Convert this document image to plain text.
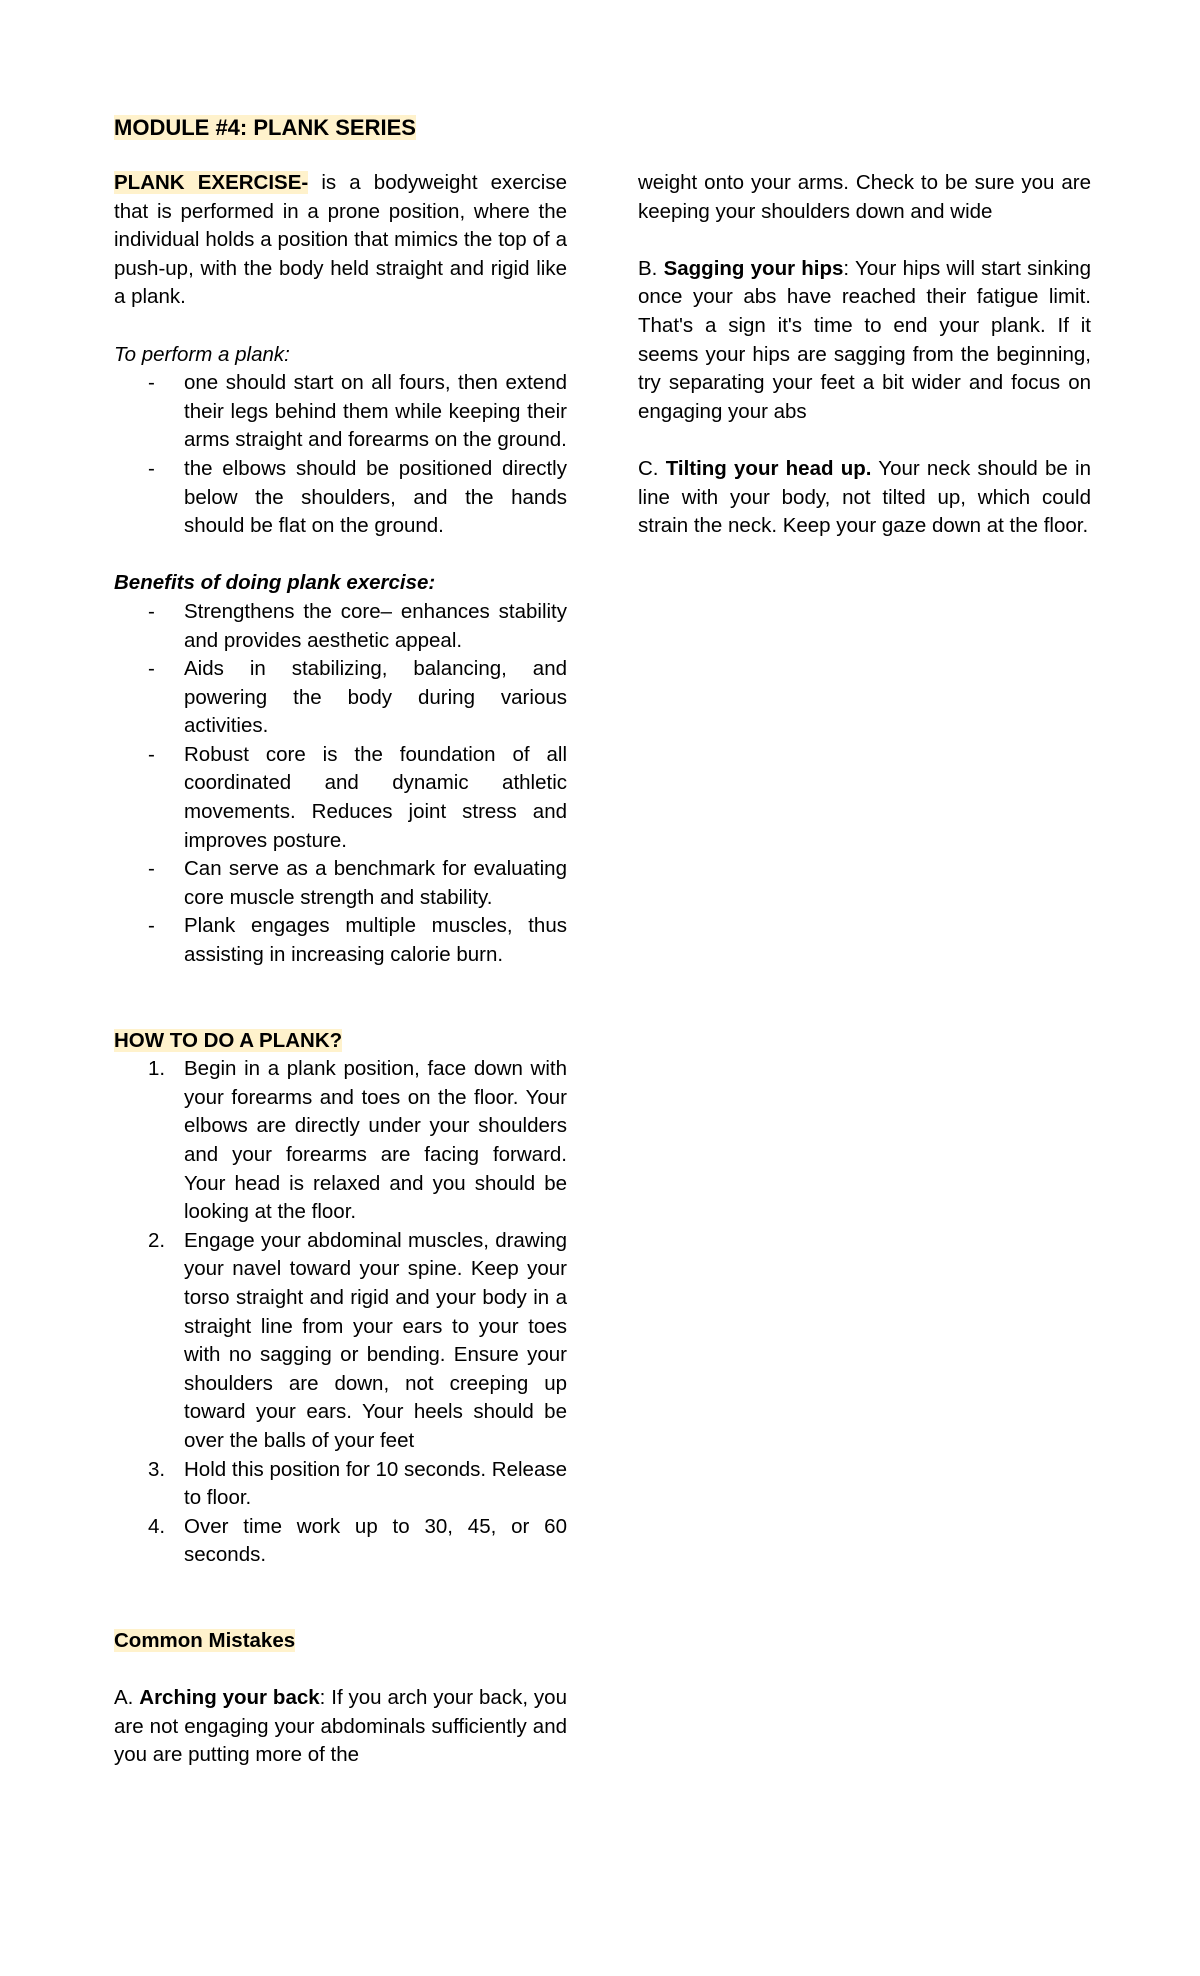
MODULE #4: PLANK SERIES

PLANK EXERCISE- is a bodyweight exercise that is performed in a prone position, where the individual holds a position that mimics the top of a push-up, with the body held straight and rigid like a plank.

To perform a plank:

- one should start on all fours, then extend their legs behind them while keeping their arms straight and forearms on the ground.
- the elbows should be positioned directly below the shoulders, and the hands should be flat on the ground.

Benefits of doing plank exercise:

- Strengthens the core– enhances stability and provides aesthetic appeal.
- Aids in stabilizing, balancing, and powering the body during various activities.
- Robust core is the foundation of all coordinated and dynamic athletic movements. Reduces joint stress and improves posture.
- Can serve as a benchmark for evaluating core muscle strength and stability.
- Plank engages multiple muscles, thus assisting in increasing calorie burn.

HOW TO DO A PLANK?

1. Begin in a plank position, face down with your forearms and toes on the floor. Your elbows are directly under your shoulders and your forearms are facing forward. Your head is relaxed and you should be looking at the floor.
2. Engage your abdominal muscles, drawing your navel toward your spine. Keep your torso straight and rigid and your body in a straight line from your ears to your toes with no sagging or bending. Ensure your shoulders are down, not creeping up toward your ears. Your heels should be over the balls of your feet
3. Hold this position for 10 seconds. Release to floor.
4. Over time work up to 30, 45, or 60 seconds.

Common Mistakes

A. Arching your back: If you arch your back, you are not engaging your abdominals sufficiently and you are putting more of the

weight onto your arms. Check to be sure you are keeping your shoulders down and wide

B. Sagging your hips: Your hips will start sinking once your abs have reached their fatigue limit. That's a sign it's time to end your plank. If it seems your hips are sagging from the beginning, try separating your feet a bit wider and focus on engaging your abs

C. Tilting your head up. Your neck should be in line with your body, not tilted up, which could strain the neck. Keep your gaze down at the floor.
